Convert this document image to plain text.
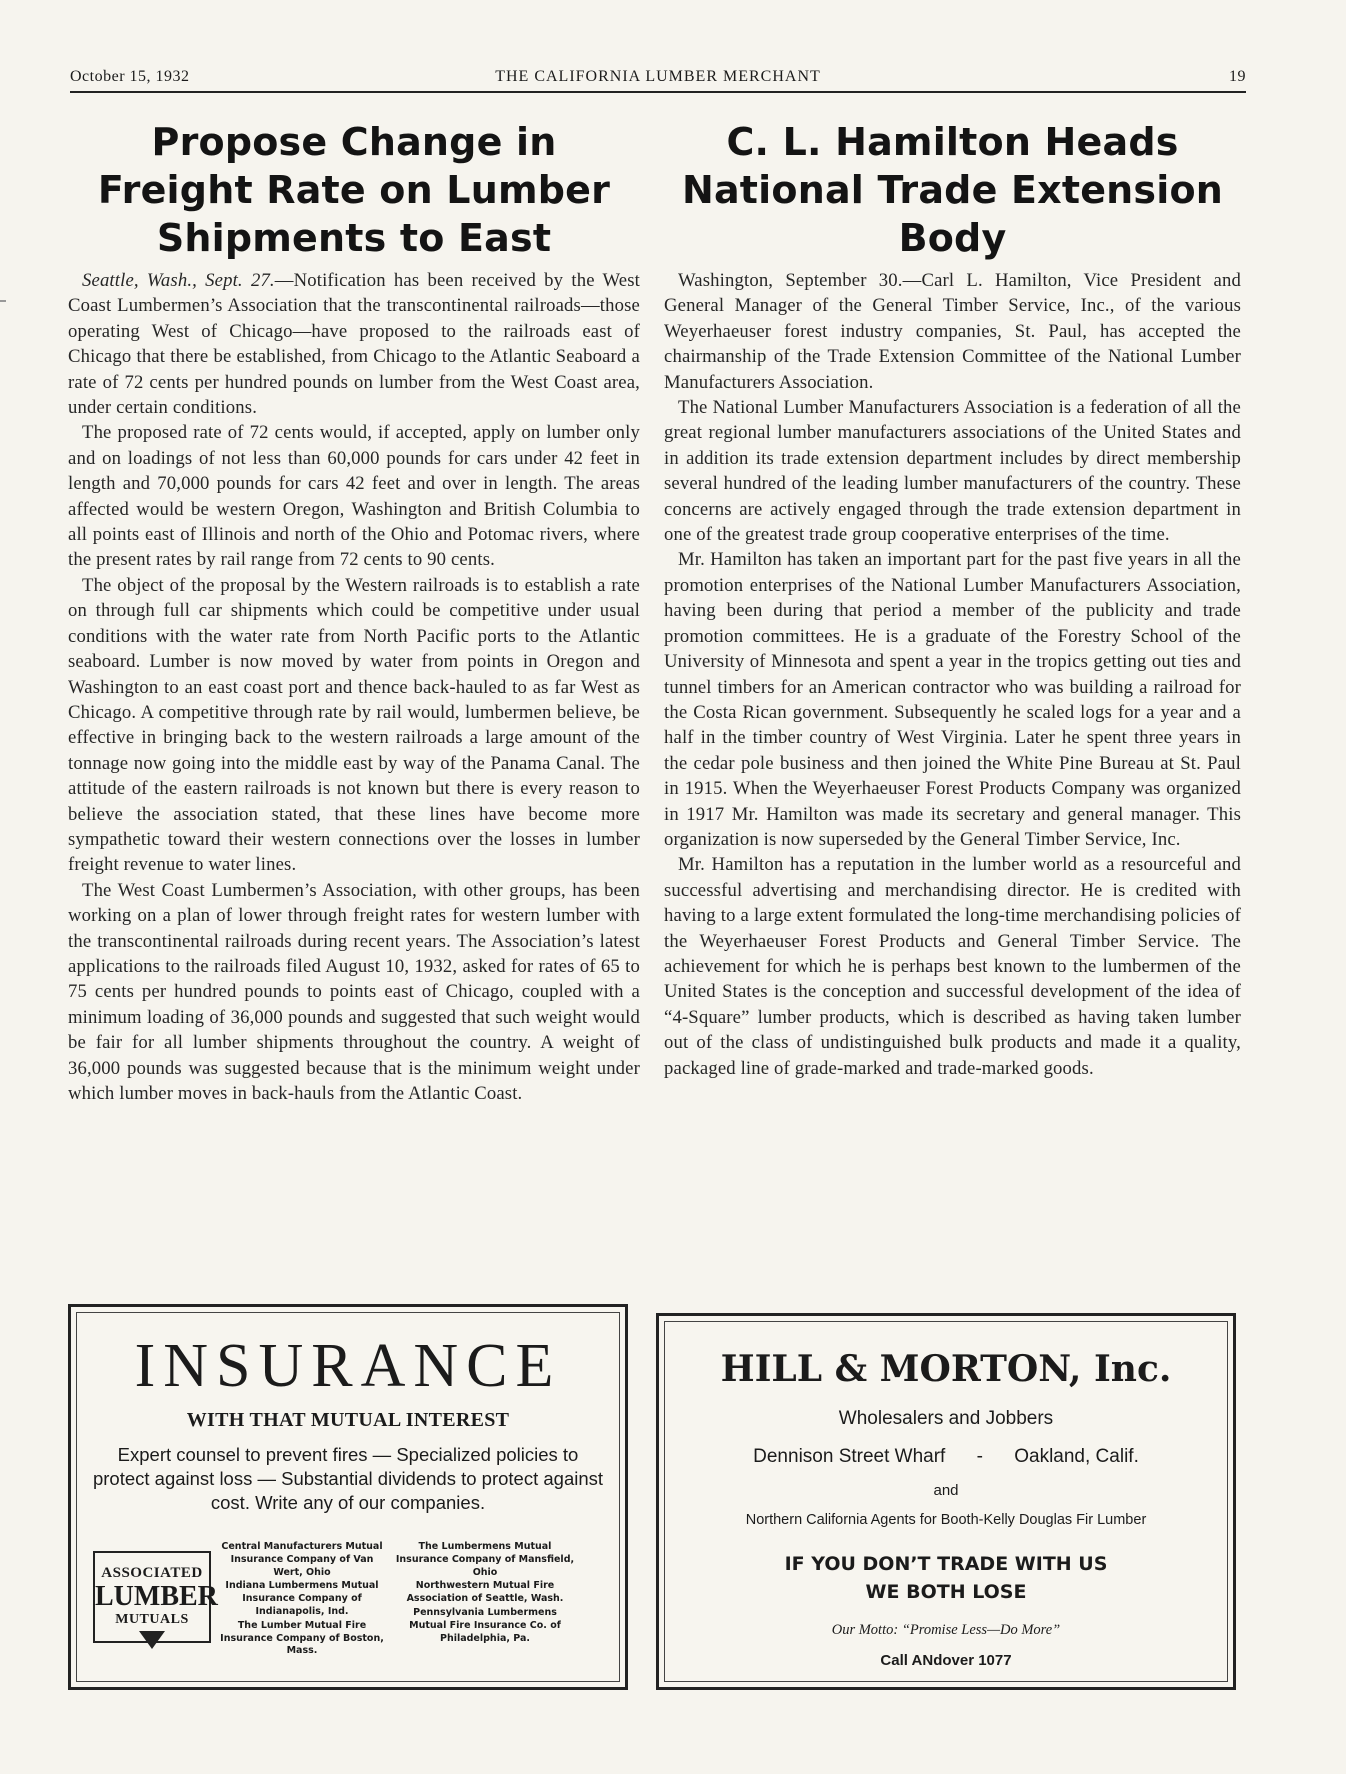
October 15, 1932	THE CALIFORNIA LUMBER MERCHANT	19
Propose Change in Freight Rate on Lumber Shipments to East

Seattle, Wash., Sept. 27.—Notification has been received by the West Coast Lumbermen’s Association that the transcontinental railroads—those operating West of Chicago—have proposed to the railroads east of Chicago that there be established, from Chicago to the Atlantic Seaboard a rate of 72 cents per hundred pounds on lumber from the West Coast area, under certain conditions.

The proposed rate of 72 cents would, if accepted, apply on lumber only and on loadings of not less than 60,000 pounds for cars under 42 feet in length and 70,000 pounds for cars 42 feet and over in length. The areas affected would be western Oregon, Washington and British Columbia to all points east of Illinois and north of the Ohio and Potomac rivers, where the present rates by rail range from 72 cents to 90 cents.

The object of the proposal by the Western railroads is to establish a rate on through full car shipments which could be competitive under usual conditions with the water rate from North Pacific ports to the Atlantic seaboard. Lumber is now moved by water from points in Oregon and Washington to an east coast port and thence back-hauled to as far West as Chicago. A competitive through rate by rail would, lumbermen believe, be effective in bringing back to the western railroads a large amount of the tonnage now going into the middle east by way of the Panama Canal. The attitude of the eastern railroads is not known but there is every reason to believe the association stated, that these lines have become more sympathetic toward their western connections over the losses in lumber freight revenue to water lines.

The West Coast Lumbermen’s Association, with other groups, has been working on a plan of lower through freight rates for western lumber with the transcontinental railroads during recent years. The Association’s latest applications to the railroads filed August 10, 1932, asked for rates of 65 to 75 cents per hundred pounds to points east of Chicago, coupled with a minimum loading of 36,000 pounds and suggested that such weight would be fair for all lumber shipments throughout the country. A weight of 36,000 pounds was suggested because that is the minimum weight under which lumber moves in back-hauls from the Atlantic Coast.

C. L. Hamilton Heads National Trade Extension Body

Washington, September 30.—Carl L. Hamilton, Vice President and General Manager of the General Timber Service, Inc., of the various Weyerhaeuser forest industry companies, St. Paul, has accepted the chairmanship of the Trade Extension Committee of the National Lumber Manufacturers Association.

The National Lumber Manufacturers Association is a federation of all the great regional lumber manufacturers associations of the United States and in addition its trade extension department includes by direct membership several hundred of the leading lumber manufacturers of the country. These concerns are actively engaged through the trade extension department in one of the greatest trade group cooperative enterprises of the time.

Mr. Hamilton has taken an important part for the past five years in all the promotion enterprises of the National Lumber Manufacturers Association, having been during that period a member of the publicity and trade promotion committees. He is a graduate of the Forestry School of the University of Minnesota and spent a year in the tropics getting out ties and tunnel timbers for an American contractor who was building a railroad for the Costa Rican government. Subsequently he scaled logs for a year and a half in the timber country of West Virginia. Later he spent three years in the cedar pole business and then joined the White Pine Bureau at St. Paul in 1915. When the Weyerhaeuser Forest Products Company was organized in 1917 Mr. Hamilton was made its secretary and general manager. This organization is now superseded by the General Timber Service, Inc.

Mr. Hamilton has a reputation in the lumber world as a resourceful and successful advertising and merchandising director. He is credited with having to a large extent formulated the long-time merchandising policies of the Weyerhaeuser Forest Products and General Timber Service. The achievement for which he is perhaps best known to the lumbermen of the United States is the conception and successful development of the idea of “4-Square” lumber products, which is described as having taken lumber out of the class of undistinguished bulk products and made it a quality, packaged line of grade-marked and trade-marked goods.

INSURANCE
WITH THAT MUTUAL INTEREST
Expert counsel to prevent fires — Specialized policies to protect against loss — Substantial dividends to protect against cost. Write any of our companies.
ASSOCIATED
LUMBER
MUTUALS
Central Manufacturers Mutual Insurance Company of Van Wert, Ohio
Indiana Lumbermens Mutual Insurance Company of Indianapolis, Ind.
The Lumber Mutual Fire Insurance Company of Boston, Mass.
The Lumbermens Mutual Insurance Company of Mansfield, Ohio
Northwestern Mutual Fire Association of Seattle, Wash.
Pennsylvania Lumbermens Mutual Fire Insurance Co. of Philadelphia, Pa.
HILL & MORTON, Inc.
Wholesalers and Jobbers
Dennison Street Wharf - Oakland, Calif.
and
Northern California Agents for Booth-Kelly Douglas Fir Lumber
IF YOU DON’T TRADE WITH US
WE BOTH LOSE
Our Motto: “Promise Less—Do More”
Call ANdover 1077
